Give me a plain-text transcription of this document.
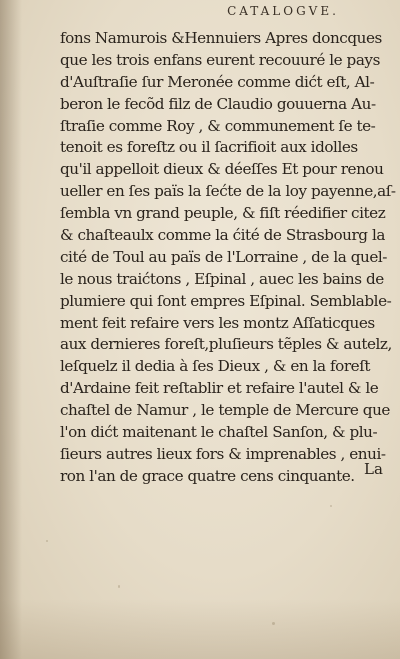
CATALOGVE.
fons Namurois &Hennuiers Apres doncques
que les trois enfans eurent recouuré le pays
d'Auſtraſie ſur Meronée comme dićt eſt, Al-
beron le fecõd filz de Claudio gouuerna Au-
ſtraſie comme Roy , & communement ſe te-
tenoit es foreſtz ou il ſacrifioit aux idolles
qu'il appelloit dieux & déeſſes Et pour renou
ueller en ſes païs la ſećte de la loy payenne,aſ-
ſembla vn grand peuple, & fiſt réedifier citez
& chaſteaulx comme la ćité de Strasbourg la
cité de Toul au païs de l'Lorraine , de la quel-
le nous traićtons , Eſpinal , auec les bains de
plumiere qui ſont empres Eſpinal. Semblable-
ment feit refaire vers les montz Aſſaticques
aux dernieres foreſt,pluſieurs tẽples & autelz,
leſquelz il dedia à ſes Dieux , & en la foreſt
d'Ardaine feit reſtablir et refaire l'autel & le
chaſtel de Namur , le temple de Mercure que
l'on dićt maitenant le chaſtel Sanſon, & plu-
ſieurs autres lieux fors & imprenables , enui-
ron l'an de grace quatre cens cinquante. La
